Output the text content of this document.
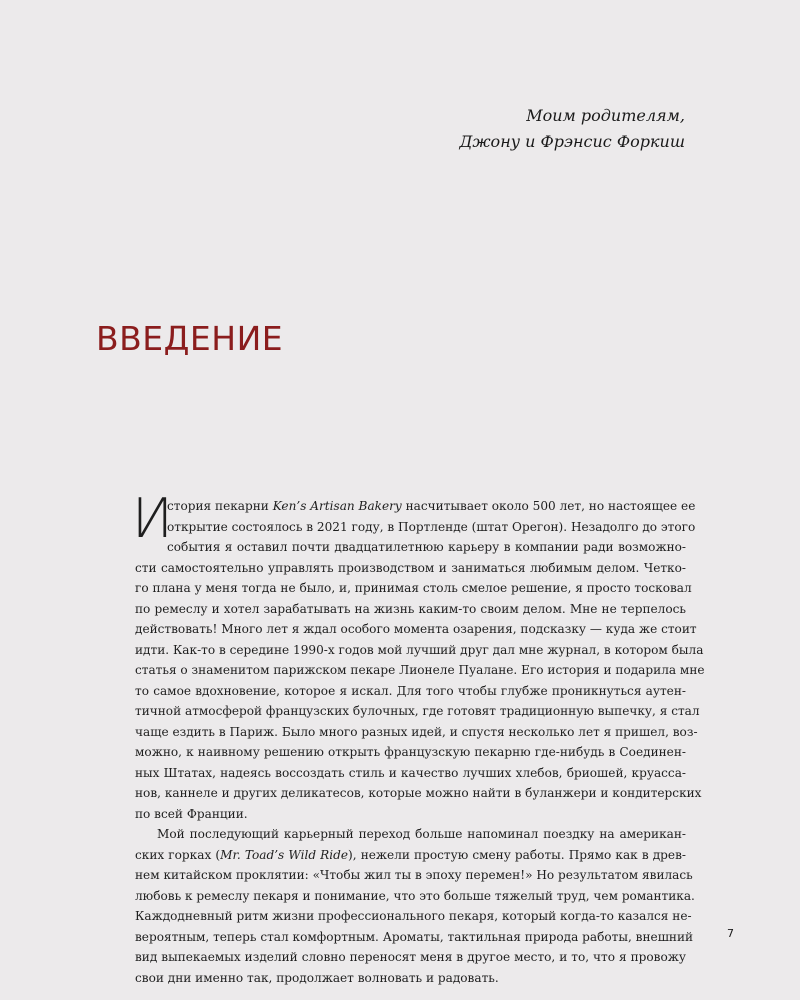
Моим родителям,
Джону и Фрэнсис Форкиш
ВВЕДЕНИЕ
И
стория пекарни Ken’s Artisan Bakery насчитывает около 500 лет, но настоящее ее
открытие состоялось в 2021 году, в Портленде (штат Орегон). Незадолго до этого
события я оставил почти двадцатилетнюю карьеру в компании ради возможно-
сти самостоятельно управлять производством и заниматься любимым делом. Четко-
го плана у меня тогда не было, и, принимая столь смелое решение, я просто тосковал
по ремеслу и хотел зарабатывать на жизнь каким-то своим делом. Мне не терпелось
действовать! Много лет я ждал особого момента озарения, подсказку — куда же стоит
идти. Как-то в середине 1990-х годов мой лучший друг дал мне журнал, в котором была
статья о знаменитом парижском пекаре Лионеле Пуалане. Его история и подарила мне
то самое вдохновение, которое я искал. Для того чтобы глубже проникнуться аутен-
тичной атмосферой французских булочных, где готовят традиционную выпечку, я стал
чаще ездить в Париж. Было много разных идей, и спустя несколько лет я пришел, воз-
можно, к наивному решению открыть французскую пекарню где-нибудь в Соединен-
ных Штатах, надеясь воссоздать стиль и качество лучших хлебов, бриошей, круассa-
нов, каннеле и других деликатесов, которые можно найти в буланжери и кондитерских
по всей Франции.
Мой последующий карьерный переход больше напоминал поездку на американ-
ских горках (Mr. Toad’s Wild Ride), нежели простую смену работы. Прямо как в древ-
нем китайском проклятии: «Чтобы жил ты в эпоху перемен!» Но результатом явилась
любовь к ремеслу пекаря и понимание, что это больше тяжелый труд, чем романтика.
Каждодневный ритм жизни профессионального пекаря, который когда-то казался не-
вероятным, теперь стал комфортным. Ароматы, тактильная природа работы, внешний
вид выпекаемых изделий словно переносят меня в другое место, и то, что я провожу
свои дни именно так, продолжает волновать и радовать.
7
